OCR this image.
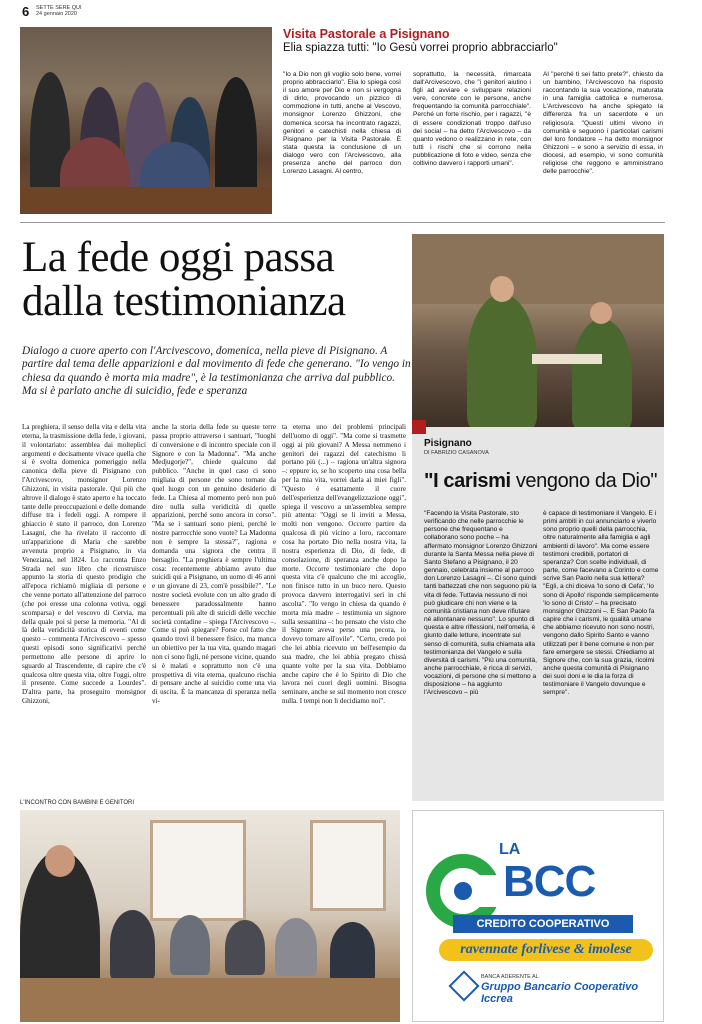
6 SETTE SERE QUI
24 gennaio 2020
Visita Pastorale a Pisignano
Elia spiazza tutti: "Io Gesù vorrei proprio abbracciarlo"
"Io a Dio non gli voglio solo bene, vorrei proprio abbracciarlo". Elia lo spiega così il suo amore per Dio e non si vergogna di dirlo, provocando un pizzico di commozione in tutti, anche al Vescovo, monsignor Lorenzo Ghizzoni, che domenica scorsa ha incontrato ragazzi, genitori e catechisti nella chiesa di Pisignano per la Visita Pastorale. È stata questa la conclusione di un dialogo vero con l'Arcivescovo, alla presenza anche del parroco don Lorenzo Lasagni. Al centro,
soprattutto, la necessità, rimarcata dall'Arcivescovo, che "i genitori aiutino i figli ad avviare e sviluppare relazioni vere, concrete con le persone, anche frequentando la comunità parrocchiale". Perché un forte rischio, per i ragazzi, "è di essere condizionati troppo dall'uso dei social – ha detto l'Arcivescovo – da quanto vedono o realizzano in rete, con tutti i rischi che si corrono nella pubblicazione di foto e video, senza che coltivino davvero i rapporti umani".
Al "perché ti sei fatto prete?", chiesto da un bambino, l'Arcivescovo ha risposto raccontando la sua vocazione, maturata in una famiglia cattolica e numerosa. L'Arcivescovo ha anche spiegato la differenza fra un sacerdote e un religioso/a. "Questi ultimi vivono in comunità e seguono i particolari carismi del loro fondatore – ha detto monsignor Ghizzoni – e sono a servizio di essa, in diocesi, ad esempio, vi sono comunità religiose che reggono e amministrano delle parrocchie".
La fede oggi passa
dalla testimonianza
Dialogo a cuore aperto con l'Arcivescovo, domenica, nella pieve di Pisignano. A partire dal tema delle apparizioni e dal movimento di fede che generano. "Io vengo in chiesa da quando è morta mia madre", è la testimonianza che arriva dal pubblico. Ma si è parlato anche di suicidio, fede e speranza
La preghiera, il senso della vita e della vita eterna, la trasmissione della fede, i giovani, il volontariato: assemblea dai molteplici argomenti e decisamente vivace quella che si è svolta domenica pomeriggio nella canonica della pieve di Pisignano con l'Arcivescovo, monsignor Lorenzo Ghizzoni, in visita pastorale. Qui più che altrove il dialogo è stato aperto e ha toccato tante delle preoccupazioni e delle domande diffuse tra i fedeli oggi. A rompere il ghiaccio è stato il parroco, don Lorenzo Lasagni, che ha rivelato il racconto di un'apparizione di Maria che sarebbe avvenuta proprio a Pisignano, in via Veneziana, nel 1824. Lo racconta Enzo Strada nel suo libro che ricostruisce appunto la storia di questo prodigio che all'epoca richiamò migliaia di persone e che venne portato all'attenzione del parroco (che poi eresse una colonna votiva, oggi scomparsa) e del vescovo di Cervia, ma della quale poi si perse la memoria. "Al di là della veridicità storica di eventi come questo – commenta l'Arcivescovo – spesso questi episodi sono significativi perché permettono alle persone di aprire lo sguardo al Trascendente, di capire che c'è qualcosa oltre questa vita, oltre l'oggi, oltre il presente. Come succede a Lourdes". D'altra parte, ha proseguito monsignor Ghizzoni,
anche la storia della fede su queste terre passa proprio attraverso i santuari, "luoghi di conversione e di incontro speciale con il Signore e con la Madonna". "Ma anche Medjugorje?", chiede qualcuno dal pubblico. "Anche in quel caso ci sono migliaia di persone che sono tornate da quel luogo con un genuino desiderio di fede. La Chiesa al momento però non può dire nulla sulla veridicità di quelle apparizioni, perché sono ancora in corso". "Ma se i santuari sono pieni, perché le nostre parrocchie sono vuote? La Madonna non è sempre la stessa?", ragiona e domanda una signora che centra il bersaglio. "La preghiera è sempre l'ultima cosa: recentemente abbiamo avuto due suicidi qui a Pisignano, un uomo di 46 anni e un giovane di 23, com'è possibile?". "Le nostre società evolute con un alto grado di benessere paradossalmente hanno percentuali più alte di suicidi delle vecchie società contadine – spiega l'Arcivescovo –. Come si può spiegare? Forse col fatto che quando trovi il benessere fisico, ma manca un obiettivo per la tua vita, quando magari non ci sono figli, né persone vicine, quando si è malati e soprattutto non c'è una prospettiva di vita eterna, qualcuno rischia di pensare anche al suicidio come una via di uscita. È la mancanza di speranza nella vi-
ta eterna uno dei problemi principali dell'uomo di oggi". "Ma come si trasmette oggi ai più giovani? A Messa nemmeno i genitori dei ragazzi del catechismo li portano più (...) – ragiona un'altra signora –: eppure io, se ho scoperto una cosa bella per la mia vita, vorrei darla ai miei figli". "Questo è esattamente il cuore dell'esperienza dell'evangelizzazione oggi", spiega il vescovo a un'assemblea sempre più attenta: "Oggi se li inviti a Messa, molti non vengono. Occorre partire da qualcosa di più vicino a loro, raccontare cosa ha portato Dio nella nostra vita, la nostra esperienza di Dio, di fede, di consolazione, di speranza anche dopo la morte. Occorre testimoniare che dopo questa vita c'è qualcuno che mi accoglie, non finisce tutto in un buco nero. Questo provoca davvero interrogativi seri in chi ascolta". "Io vengo in chiesa da quando è morta mia madre – testimonia un signore sulla sessantina –: ho pensato che visto che il Signore aveva perso una pecora, io dovevo tornare all'ovile". "Certo, credo poi che lei abbia ricevuto un bell'esempio da sua madre, che lei abbia pregato chissà quante volte per la sua vita. Dobbiamo anche capire che è lo Spirito di Dio che lavora nei cuori degli uomini. Bisogna seminare, anche se sul momento non cresce nulla. I tempi non li decidiamo noi".
Pisignano
DI FABRIZIO CASANOVA
"I carismi vengono da Dio"
"Facendo la Visita Pastorale, sto verificando che nelle parrocchie le persone che frequentano e collaborano sono poche – ha affermato monsignor Lorenzo Ghizzoni durante la Santa Messa nella pieve di Santo Stefano a Pisignano, il 20 gennaio, celebrata insieme al parroco don Lorenzo Lasagni –. Ci sono quindi tanti battezzati che non seguono più la vita di fede. Tuttavia nessuno di noi può giudicare chi non viene e la comunità cristiana non deve rifiutare né allontanare nessuno". Lo spunto di questa e altre riflessioni, nell'omelia, è giunto dalle letture, incentrate sul senso di comunità, sulla chiamata alla testimonianza del Vangelo e sulla diversità di carismi. "Più una comunità, anche parrocchiale, è ricca di servizi, vocazioni, di persone che si mettono a disposizione – ha aggiunto l'Arcivescovo – più
è capace di testimoniare il Vangelo. E i primi ambiti in cui annunciarlo e viverlo sono proprio quelli della parrocchia, oltre naturalmente alla famiglia e agli ambienti di lavoro". Ma come essere testimoni credibili, portatori di speranza? Con scelte individuali, di parte, come facevano a Corinto e come scrive San Paolo nella sua lettera? "Egli, a chi diceva 'Io sono di Cefa', 'Io sono di Apollo' risponde semplicemente 'Io sono di Cristo' – ha precisato monsignor Ghizzoni –. E San Paolo fa capire che i carismi, le qualità umane che abbiamo ricevuto non sono nostri, vengono dallo Spirito Santo e vanno utilizzati per il bene comune e non per fare emergere se stessi. Chiediamo al Signore che, con la sua grazia, ricolmi anche questa comunità di Pisignano dei suoi doni e le dia la forza di testimoniare il Vangelo dovunque e sempre".
L'INCONTRO CON BAMBINI E GENITORI
LA
BCC
CREDITO COOPERATIVO
ravennate forlivese & imolese
BANCA ADERENTE AL
Gruppo Bancario Cooperativo Iccrea
